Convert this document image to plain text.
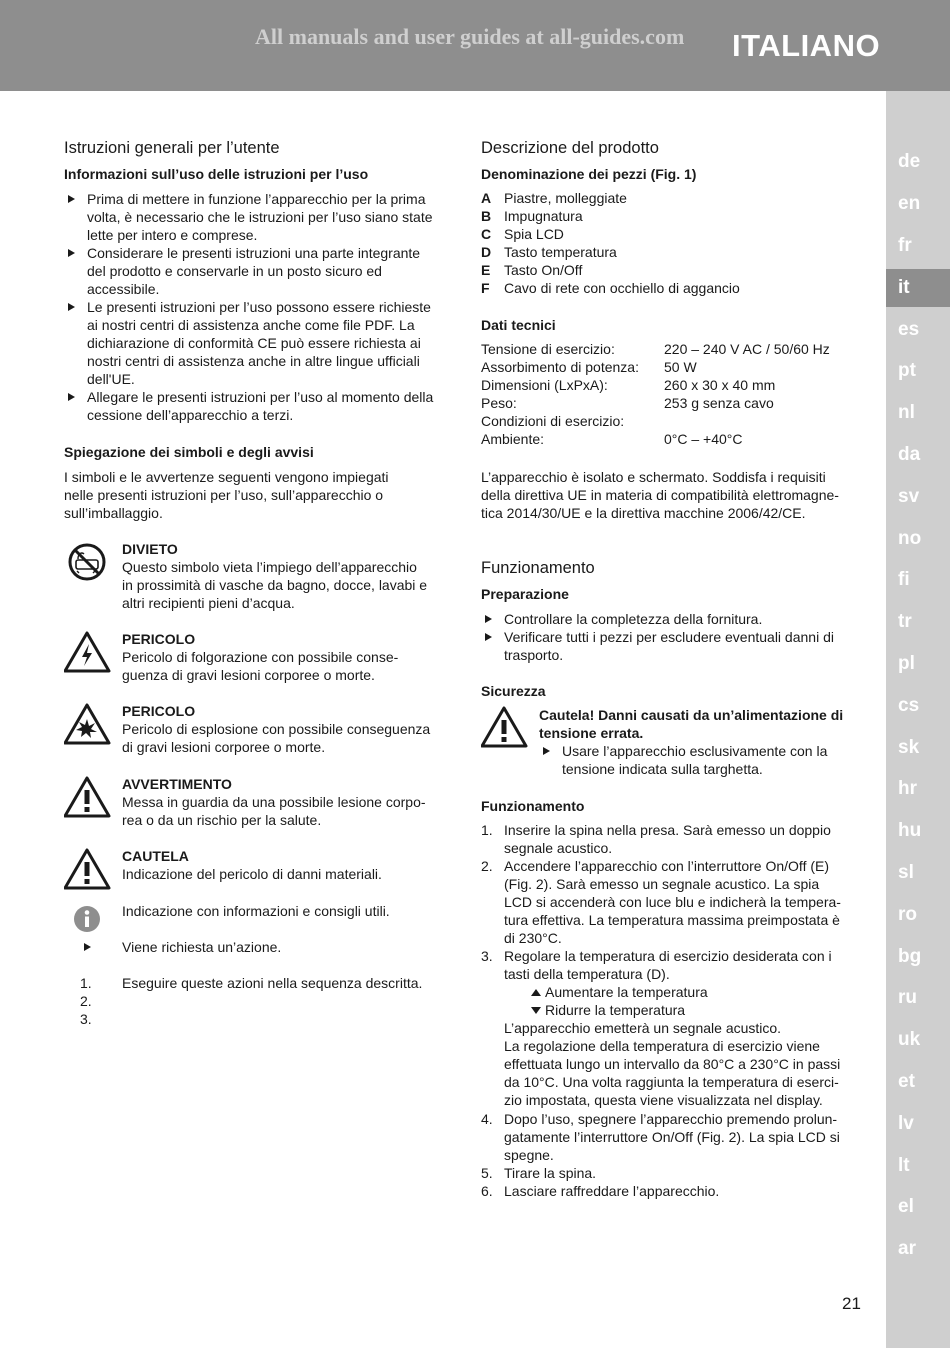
All manuals and user guides at all-guides.com ITALIANO
de
en
fr
it
es
pt
nl
da
sv
no
fi
tr
pl
cs
sk
hr
hu
sl
ro
bg
ru
uk
et
lv
lt
el
ar
Istruzioni generali per l’utente
Informazioni sull’uso delle istruzioni per l’uso
Prima di mettere in funzione l’apparecchio per la prima
volta, è necessario che le istruzioni per l’uso siano state
lette per intero e comprese.
Considerare le presenti istruzioni una parte integrante
del prodotto e conservarle in un posto sicuro ed
accessibile.
Le presenti istruzioni per l’uso possono essere richieste
ai nostri centri di assistenza anche come file PDF. La
dichiarazione di conformità CE può essere richiesta ai
nostri centri di assistenza anche in altre lingue ufficiali
dell'UE.
Allegare le presenti istruzioni per l’uso al momento della
cessione dell’apparecchio a terzi.
Spiegazione dei simboli e degli avvisi
I simboli e le avvertenze seguenti vengono impiegati
nelle presenti istruzioni per l’uso, sull’apparecchio o
sull’imballaggio.
DIVIETO
Questo simbolo vieta l’impiego dell’apparecchio
in prossimità di vasche da bagno, docce, lavabi e
altri recipienti pieni d’acqua.
PERICOLO
Pericolo di folgorazione con possibile conse-
guenza di gravi lesioni corporee o morte.
PERICOLO
Pericolo di esplosione con possibile conseguenza
di gravi lesioni corporee o morte.
AVVERTIMENTO
Messa in guardia da una possibile lesione corpo-
rea o da un rischio per la salute.
CAUTELA
Indicazione del pericolo di danni materiali.
Indicazione con informazioni e consigli utili.
Viene richiesta un’azione.
1.
2.
3.
Eseguire queste azioni nella sequenza descritta.
Descrizione del prodotto
Denominazione dei pezzi (Fig. 1)
A Piastre, molleggiate
B Impugnatura
C Spia LCD
D Tasto temperatura
E Tasto On/Off
F Cavo di rete con occhiello di aggancio
Dati tecnici
Tensione di esercizio:	220 – 240 V AC / 50/60 Hz
Assorbimento di potenza: 50 W
Dimensioni (LxPxA):	260 x 30 x 40 mm
Peso:	253 g senza cavo
Condizioni di esercizio:
Ambiente:	0°C – +40°C
L’apparecchio è isolato e schermato. Soddisfa i requisiti
della direttiva UE in materia di compatibilità elettromagne-
tica 2014/30/UE e la direttiva macchine 2006/42/CE.
Funzionamento
Preparazione
Controllare la completezza della fornitura.
Verificare tutti i pezzi per escludere eventuali danni di
trasporto.
Sicurezza
Cautela! Danni causati da un’alimentazione di
tensione errata.
Usare l’apparecchio esclusivamente con la
tensione indicata sulla targhetta.
Funzionamento
1. Inserire la spina nella presa. Sarà emesso un doppio
segnale acustico.
2. Accendere l’apparecchio con l’interruttore On/Off (E)
(Fig. 2). Sarà emesso un segnale acustico. La spia
LCD si accenderà con luce blu e indicherà la tempera-
tura effettiva. La temperatura massima preimpostata è
di 230°C.
3. Regolare la temperatura di esercizio desiderata con i
tasti della temperatura (D).
Aumentare la temperatura
Ridurre la temperatura
L’apparecchio emetterà un segnale acustico.
La regolazione della temperatura di esercizio viene
effettuata lungo un intervallo da 80°C a 230°C in passi
da 10°C. Una volta raggiunta la temperatura di eserci-
zio impostata, questa viene visualizzata nel display.
4. Dopo l’uso, spegnere l’apparecchio premendo prolun-
gatamente l’interruttore On/Off (Fig. 2). La spia LCD si
spegne.
5. Tirare la spina.
6. Lasciare raffreddare l’apparecchio.
21
